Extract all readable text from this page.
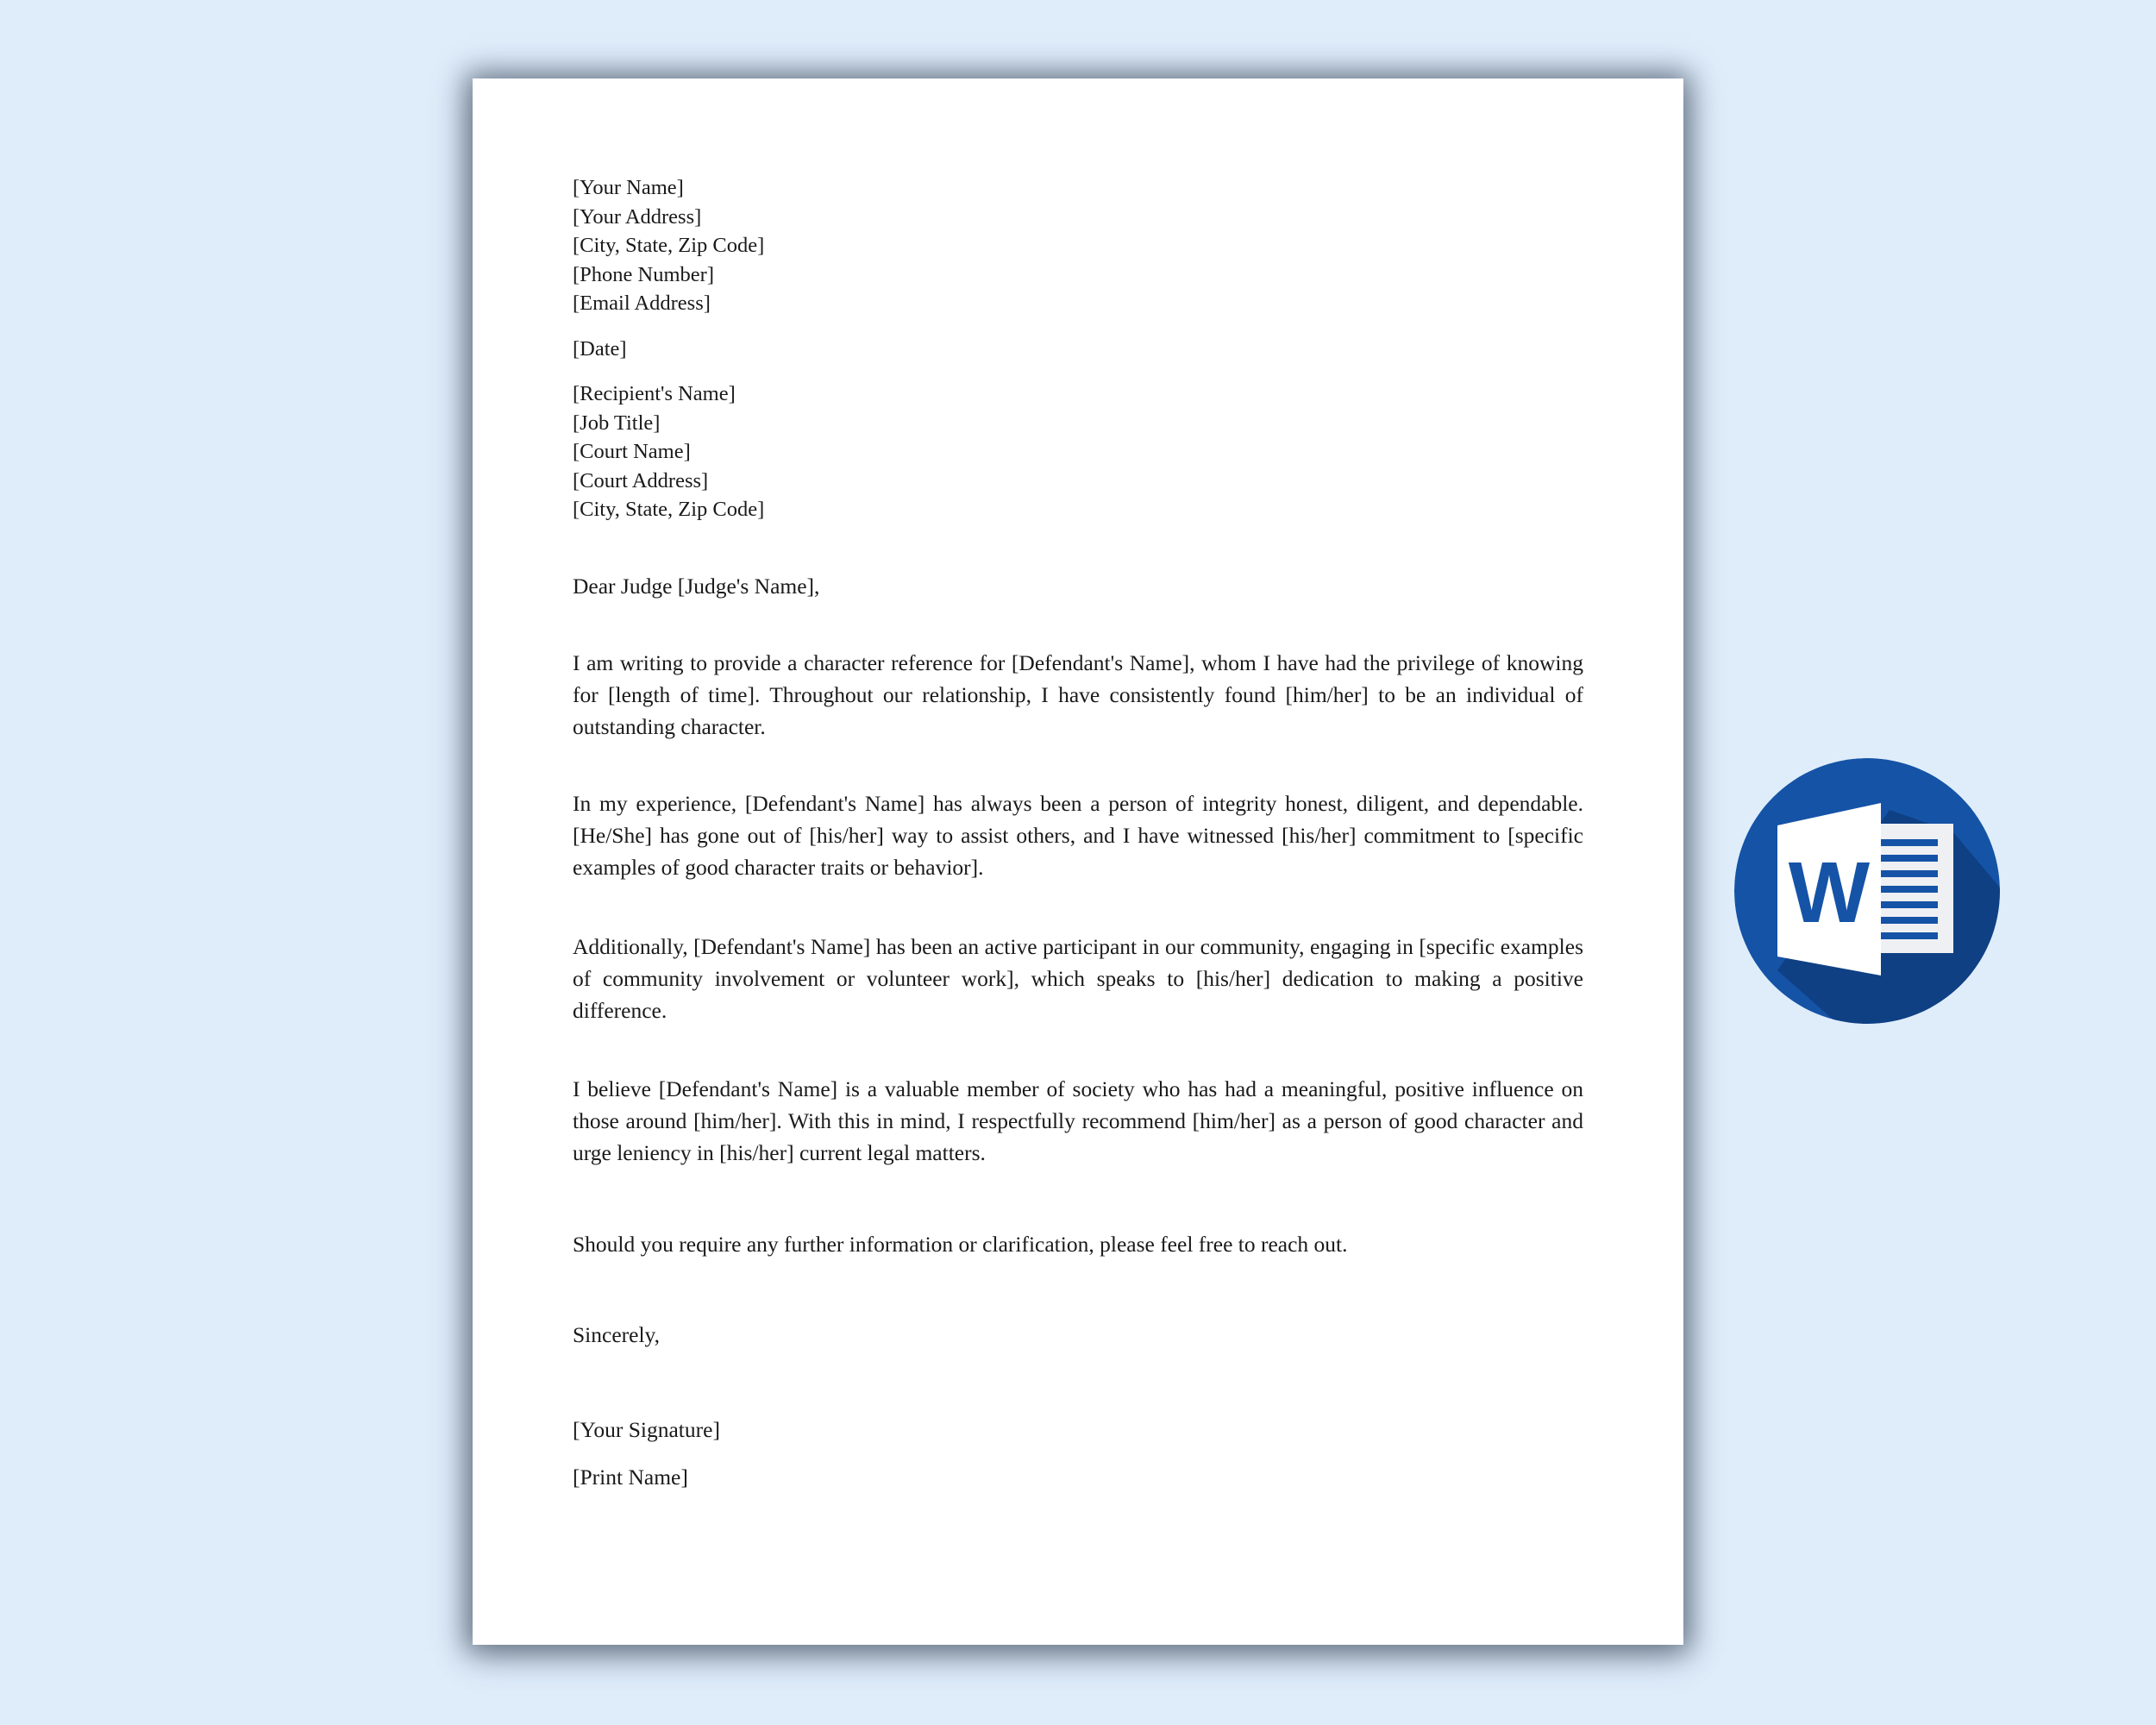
[Your Name]
[Your Address]
[City, State, Zip Code]
[Phone Number]
[Email Address]
[Date]
[Recipient's Name]
[Job Title]
[Court Name]
[Court Address]
[City, State, Zip Code]
Dear Judge [Judge's Name],

I am writing to provide a character reference for [Defendant's Name], whom I have had the privilege of knowing for [length of time]. Throughout our relationship, I have consistently found [him/her] to be an individual of outstanding character.

In my experience, [Defendant's Name] has always been a person of integrity honest, diligent, and dependable. [He/She] has gone out of [his/her] way to assist others, and I have witnessed [his/her] commitment to [specific examples of good character traits or behavior].

Additionally, [Defendant's Name] has been an active participant in our community, engaging in [specific examples of community involvement or volunteer work], which speaks to [his/her] dedication to making a positive difference.

I believe [Defendant's Name] is a valuable member of society who has had a meaningful, positive influence on those around [him/her]. With this in mind, I respectfully recommend [him/her] as a person of good character and urge leniency in [his/her] current legal matters.

Should you require any further information or clarification, please feel free to reach out.

Sincerely,
[Your Signature]
[Print Name]
W
